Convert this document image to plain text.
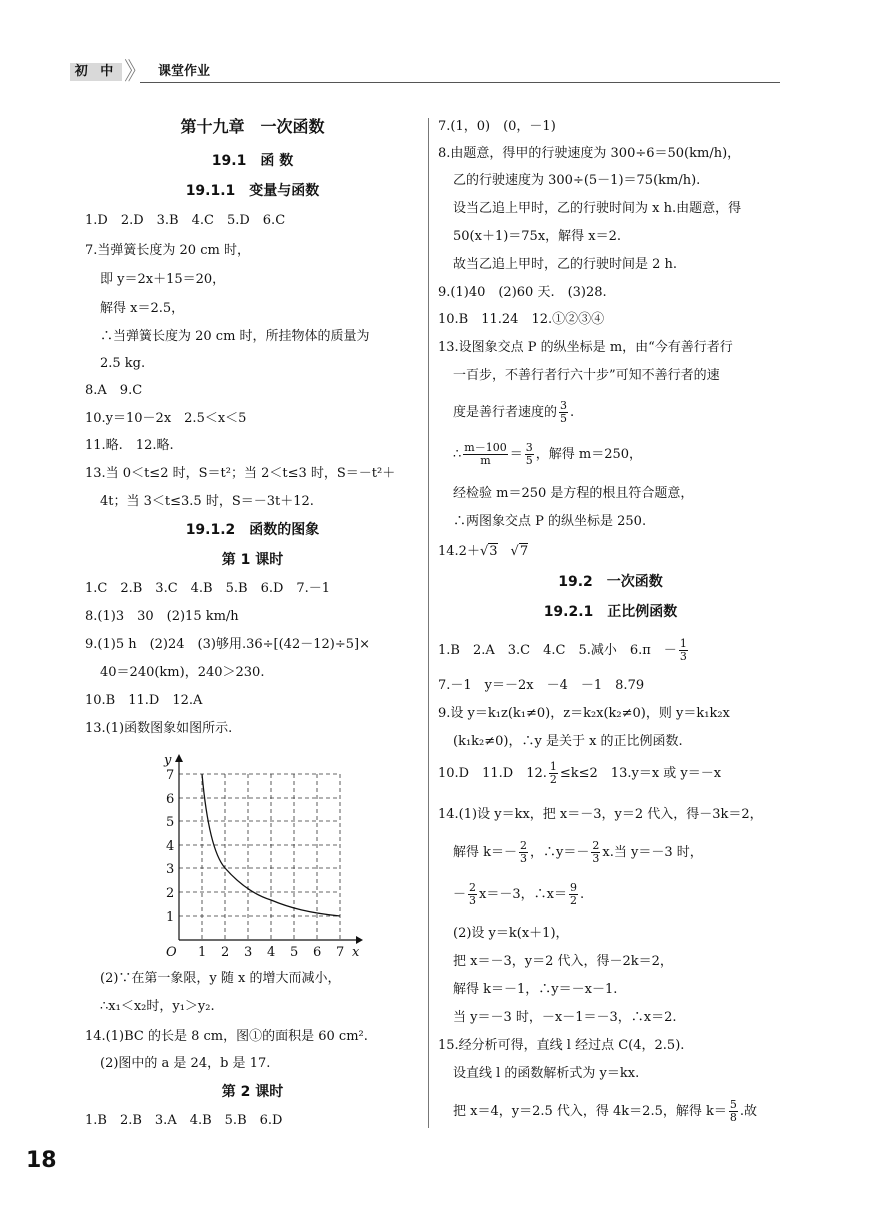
初 中 》 课堂作业

第十九章　一次函数

19.1　函 数

19.1.1　变量与函数

1.D　2.D　3.B　4.C　5.D　6.C

7.当弹簧长度为 20 cm 时，

即 y＝2x＋15＝20，

解得 x＝2.5，

∴当弹簧长度为 20 cm 时，所挂物体的质量为

2.5 kg.

8.A　9.C

10.y＝10－2x　2.5＜x＜5

11.略.　12.略.

13.当 0＜t≤2 时，S＝t²；当 2＜t≤3 时，S＝－t²＋

4t；当 3＜t≤3.5 时，S＝－3t＋12.

19.1.2　函数的图象

第 1 课时

1.C　2.B　3.C　4.B　5.B　6.D　7.－1

8.(1)3　30　(2)15 km/h

9.(1)5 h　(2)24　(3)够用.36÷[(42－12)÷5]×

40＝240(km)，240＞230.

10.B　11.D　12.A

13.(1)函数图象如图所示.

y
x
O 1 2 3 4 5 6 7
1
2
3
4
5
6
7

(2)∵在第一象限，y 随 x 的增大而减小，

∴x₁＜x₂时，y₁＞y₂.

14.(1)BC 的长是 8 cm，图①的面积是 60 cm².

(2)图中的 a 是 24，b 是 17.

第 2 课时

1.B　2.B　3.A　4.B　5.B　6.D

7.(1，0)　(0，－1)

8.由题意，得甲的行驶速度为 300÷6＝50(km/h)，

乙的行驶速度为 300÷(5－1)＝75(km/h).

设当乙追上甲时，乙的行驶时间为 x h.由题意，得

50(x＋1)＝75x，解得 x＝2.

故当乙追上甲时，乙的行驶时间是 2 h.

9.(1)40　(2)60 天.　(3)28.

10.B　11.24　12.①②③④

13.设图象交点 P 的纵坐标是 m，由“今有善行者行

一百步，不善行者行六十步”可知不善行者的速

度是善行者速度的 $\frac{3}{5}$ .

∴ $\frac{m-100}{m} = \frac{3}{5}$ ，解得 m＝250，

经检验 m＝250 是方程的根且符合题意，

∴两图象交点 P 的纵坐标是 250.

14.2＋√3　 √7

19.2　一次函数

19.2.1　正比例函数

1.B　2.A　3.C　4.C　5.减小　6.π　－ $\frac{1}{3}$

7.－1　y＝－2x　－4　－1　8.79

9.设 y＝k₁z(k₁≠0)，z＝k₂x(k₂≠0)，则 y＝k₁k₂x

(k₁k₂≠0)，∴y 是关于 x 的正比例函数.

10.D　11.D　12. $\frac{1}{2} \le k\le 2$　13.y＝x 或 y＝－x

14.(1)设 y＝kx，把 x＝－3，y＝2 代入，得－3k＝2，

解得 $k=- \frac{2}{3}$ ，∴y＝－ $\frac{2}{3} x$.当 y＝－3 时，

－ $\frac{2}{3} x=-3$，∴x＝ $\frac{9}{2}$ .

(2)设 y＝k(x＋1)，

把 x＝－3，y＝2 代入，得－2k＝2，

解得 k＝－1，∴y＝－x－1.

当 y＝－3 时，－x－1＝－3，∴x＝2.

15.经分析可得，直线 l 经过点 C(4，2.5).

设直线 l 的函数解析式为 y＝kx.

把 x＝4，y＝2.5 代入，得 4k＝2.5，解得 $k= \frac{5}{8}$ .故

18
